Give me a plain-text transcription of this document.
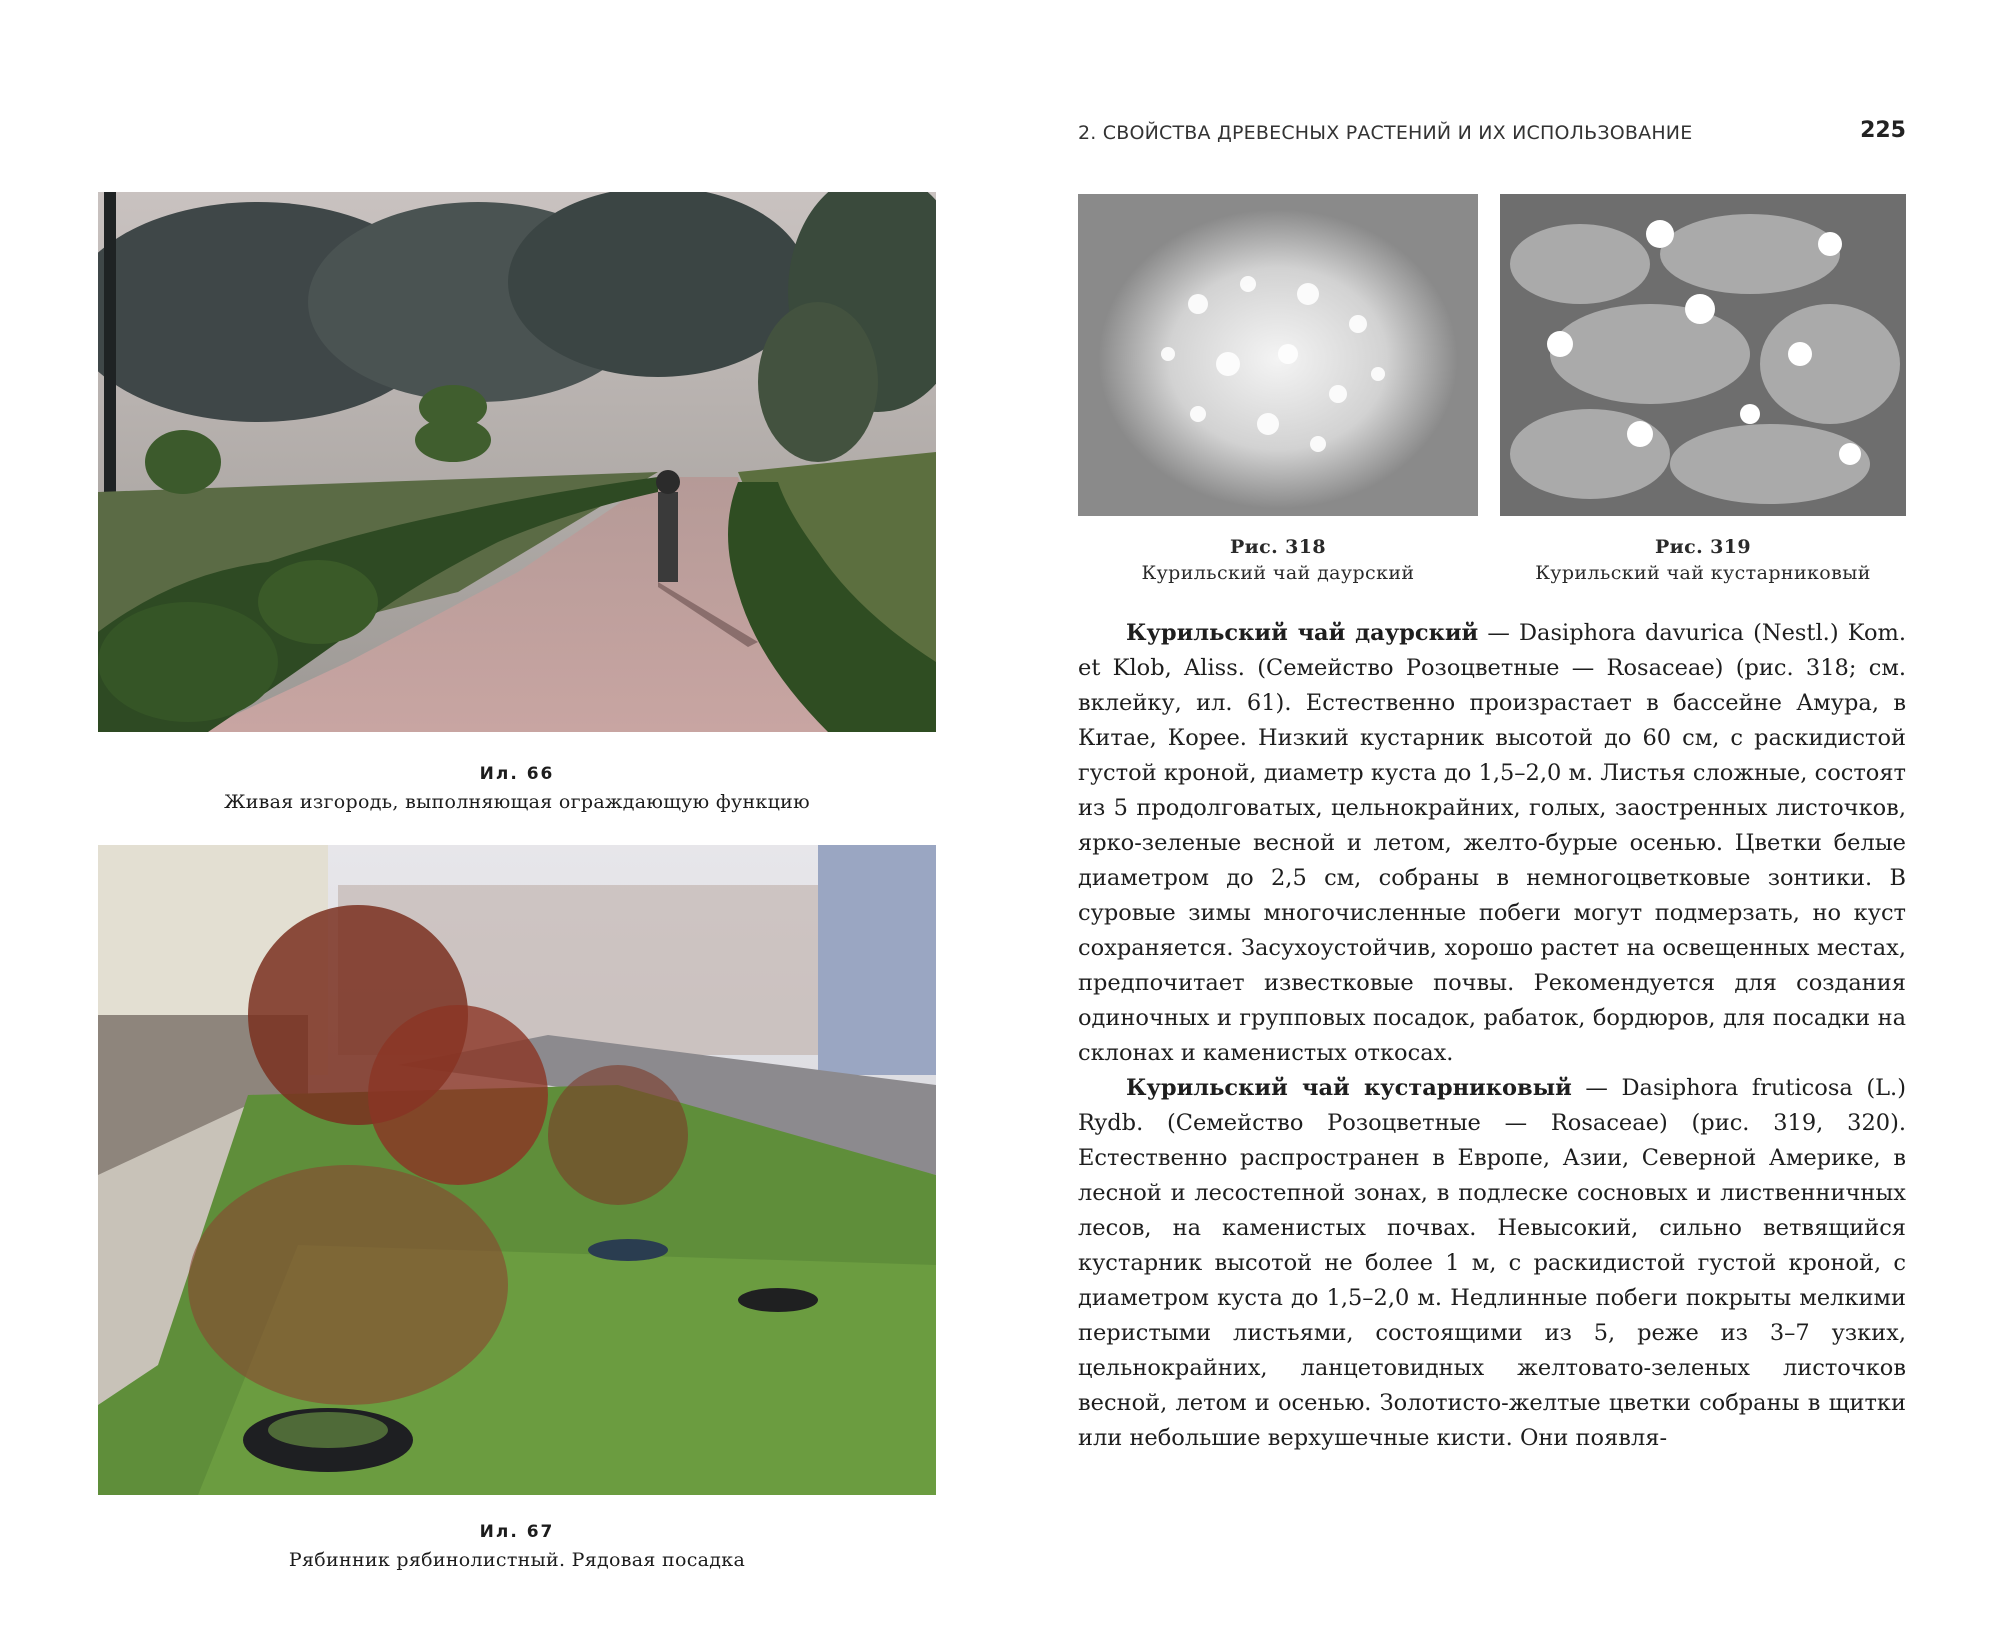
Ил. 66
Живая изгородь, выполняющая ограждающую функцию
Ил. 67
Рябинник рябинолистный. Рядовая посадка
2. СВОЙСТВА ДРЕВЕСНЫХ РАСТЕНИЙ И ИХ ИСПОЛЬЗОВАНИЕ	225
Рис. 318
Курильский чай даурский
Рис. 319
Курильский чай кустарниковый

Курильский чай даурский — Dasiphora davurica (Nestl.) Kom. et Klob, Aliss. (Семейство Розоцветные — Rosaceae) (рис. 318; см. вклейку, ил. 61). Естественно произрастает в бассейне Амура, в Китае, Корее. Низкий кустарник высотой до 60 см, с раскидистой густой кроной, диаметр куста до 1,5–2,0 м. Листья сложные, состоят из 5 продолговатых, цельнокрайних, голых, заостренных листочков, ярко-зеленые весной и летом, желто-бурые осенью. Цветки белые диаметром до 2,5 см, собраны в немногоцветковые зонтики. В суровые зимы многочисленные побеги могут подмерзать, но куст сохраняется. Засухоустойчив, хорошо растет на освещенных местах, предпочитает известковые почвы. Рекомендуется для создания одиночных и групповых посадок, рабаток, бордюров, для посадки на склонах и каменистых откосах.

Курильский чай кустарниковый — Dasiphora fruticosa (L.) Rydb. (Семейство Розоцветные — Rosaceae) (рис. 319, 320). Естественно распространен в Европе, Азии, Северной Америке, в лесной и лесостепной зонах, в подлеске сосновых и лиственничных лесов, на каменистых почвах. Невысокий, сильно ветвящийся кустарник высотой не более 1 м, с раскидистой густой кроной, с диаметром куста до 1,5–2,0 м. Недлинные побеги покрыты мелкими перистыми листьями, состоящими из 5, реже из 3–7 узких, цельнокрайних, ланцетовидных желтовато-зеленых листочков весной, летом и осенью. Золотисто-желтые цветки собраны в щитки или небольшие верхушечные кисти. Они появля-
